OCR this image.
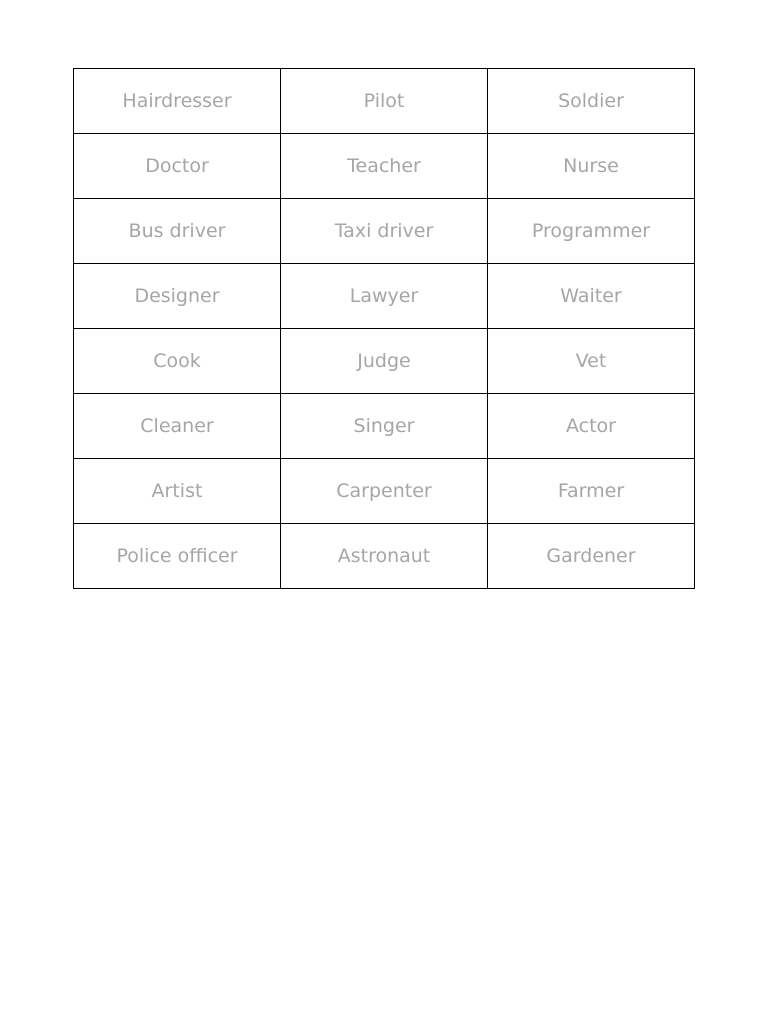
Hairdresser	Pilot	Soldier
Doctor	Teacher	Nurse
Bus driver	Taxi driver	Programmer
Designer	Lawyer	Waiter
Cook	Judge	Vet
Cleaner	Singer	Actor
Artist	Carpenter	Farmer
Police officer	Astronaut	Gardener
